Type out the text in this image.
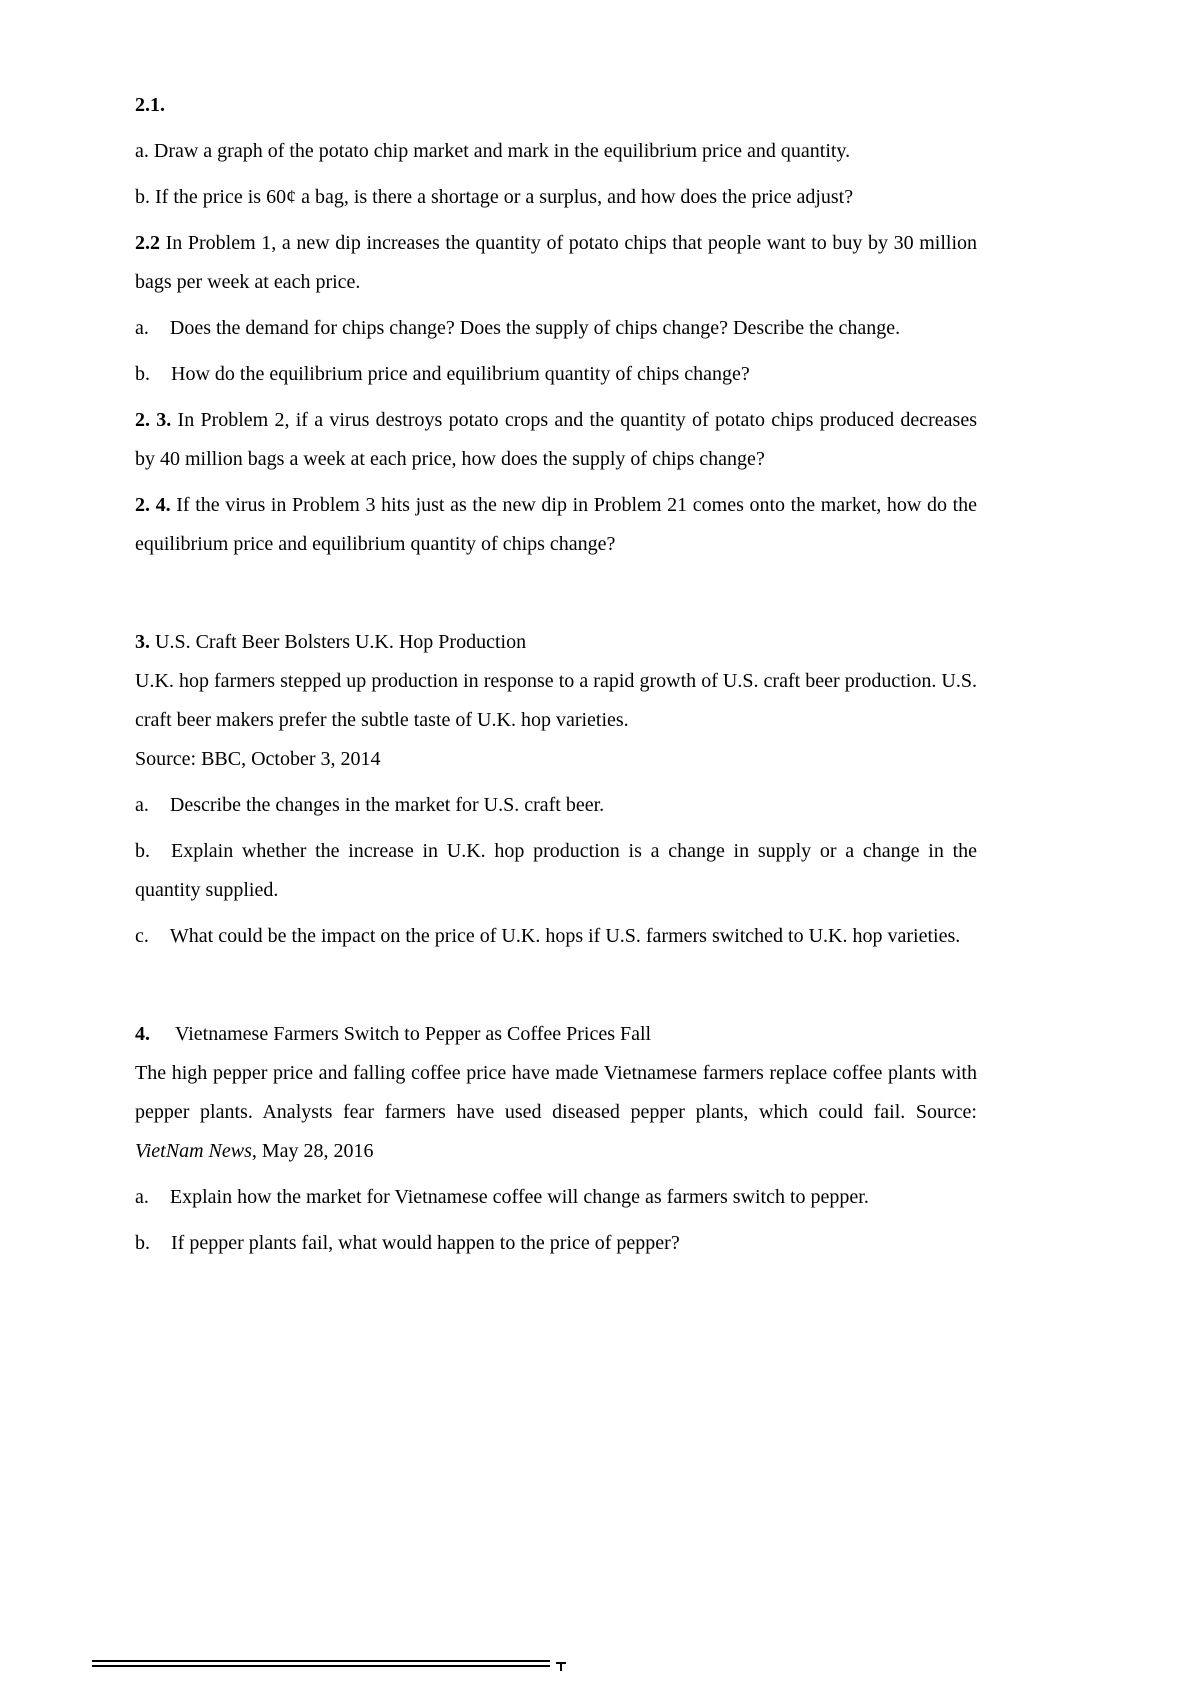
2.1.

a. Draw a graph of the potato chip market and mark in the equilibrium price and quantity.

b. If the price is 60¢ a bag, is there a shortage or a surplus, and how does the price adjust?

2.2 In Problem 1, a new dip increases the quantity of potato chips that people want to buy by 30 million bags per week at each price.

a. Does the demand for chips change? Does the supply of chips change? Describe the change.

b. How do the equilibrium price and equilibrium quantity of chips change?

2. 3. In Problem 2, if a virus destroys potato crops and the quantity of potato chips produced decreases by 40 million bags a week at each price, how does the supply of chips change?

2. 4. If the virus in Problem 3 hits just as the new dip in Problem 21 comes onto the market, how do the equilibrium price and equilibrium quantity of chips change?

3. U.S. Craft Beer Bolsters U.K. Hop Production

U.K. hop farmers stepped up production in response to a rapid growth of U.S. craft beer production. U.S. craft beer makers prefer the subtle taste of U.K. hop varieties.

Source: BBC, October 3, 2014

a. Describe the changes in the market for U.S. craft beer.

b. Explain whether the increase in U.K. hop production is a change in supply or a change in the quantity supplied.

c. What could be the impact on the price of U.K. hops if U.S. farmers switched to U.K. hop varieties.

4. Vietnamese Farmers Switch to Pepper as Coffee Prices Fall

The high pepper price and falling coffee price have made Vietnamese farmers replace coffee plants with pepper plants. Analysts fear farmers have used diseased pepper plants, which could fail. Source: VietNam News, May 28, 2016

a. Explain how the market for Vietnamese coffee will change as farmers switch to pepper.

b. If pepper plants fail, what would happen to the price of pepper?
